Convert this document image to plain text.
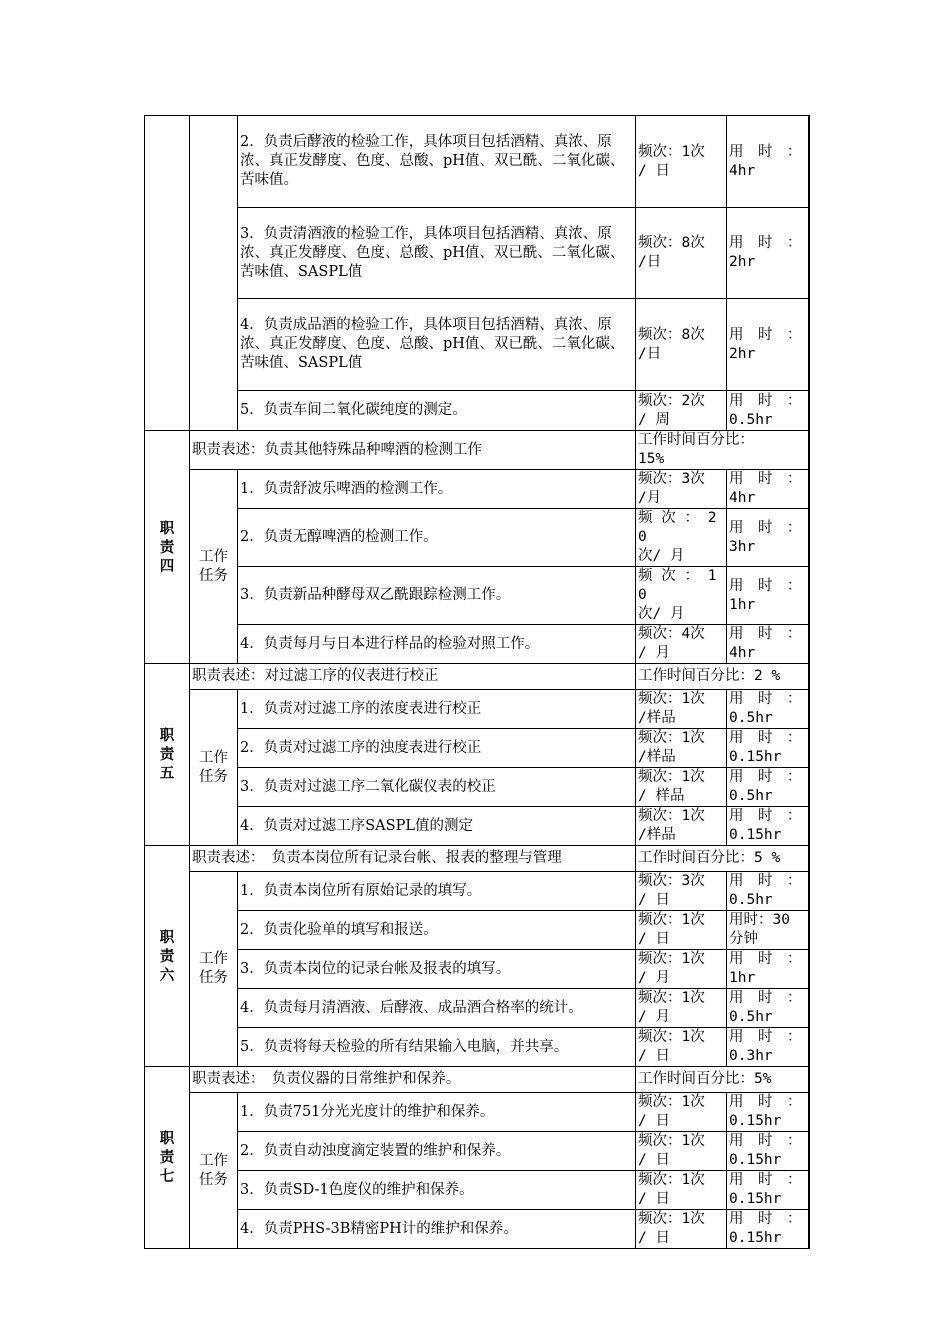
		2．负责后酵液的检验工作，具体项目包括酒精、真浓、原浓、真正发酵度、色度、总酸、pH值、双已酰、二氧化碳、苦味值。	频次：1次
/ 日	用　时　：
4hr

		3．负责清酒液的检验工作，具体项目包括酒精、真浓、原浓、真正发酵度、色度、总酸、pH值、双已酰、二氧化碳、苦味值、SASPL值	频次：8次
/日	用　时　：
2hr

		4．负责成品酒的检验工作，具体项目包括酒精、真浓、原浓、真正发酵度、色度、总酸、pH值、双已酰、二氧化碳、苦味值、SASPL值	频次：8次
/日	用　时　：
2hr

		5．负责车间二氧化碳纯度的测定。	频次：2次
/ 周	用　时　：
0.5hr

职责四	职责表述：负责其他特殊品种啤酒的检测工作		工作时间百分比：
15%	

	工作任务	1．负责舒波乐啤酒的检测工作。	频次：3次
/月	用　时　：
4hr

		2．负责无醇啤酒的检测工作。	频 次 ： 20
次/ 月	用　时　：
3hr

		3．负责新品种酵母双乙酰跟踪检测工作。	频 次 ： 10
次/ 月	用　时　：
1hr

		4．负责每月与日本进行样品的检验对照工作。	频次：4次
/ 月	用　时　：
4hr

职责五	职责表述：对过滤工序的仪表进行校正		工作时间百分比：2 %	

	工作任务	1．负责对过滤工序的浓度表进行校正	频次：1次
/样品	用　时　：
0.5hr

		2．负责对过滤工序的浊度表进行校正	频次：1次
/样品	用　时　：
0.15hr

		3．负责对过滤工序二氧化碳仪表的校正	频次：1次
/ 样品	用　时　：
0.5hr

		4．负责对过滤工序SASPL值的测定	频次：1次
/样品	用　时　：
0.15hr

职责六	职责表述：　负责本岗位所有记录台帐、报表的整理与管理		工作时间百分比：5 %	

	工作任务	1．负责本岗位所有原始记录的填写。	频次：3次
/ 日	用　时　：
0.5hr

		2．负责化验单的填写和报送。	频次：1次
/ 日	用时：30
分钟

		3．负责本岗位的记录台帐及报表的填写。	频次：1次
/ 月	用　时　：
1hr

		4．负责每月清酒液、后酵液、成品酒合格率的统计。	频次：1次
/ 月	用　时　：
0.5hr

		5．负责将每天检验的所有结果输入电脑，并共享。	频次：1次
/ 日	用　时　：
0.3hr

职责七	职责表述：　负责仪器的日常维护和保养。		工作时间百分比：5%	

	工作任务	1．负责751分光光度计的维护和保养。	频次：1次
/ 日	用　时　：
0.15hr

		2．负责自动浊度滴定装置的维护和保养。	频次：1次
/ 日	用　时　：
0.15hr

		3．负责SD-1色度仪的维护和保养。	频次：1次
/ 日	用　时　：
0.15hr

		4．负责PHS-3B精密PH计的维护和保养。	频次：1次
/ 日	用　时　：
0.15hr
